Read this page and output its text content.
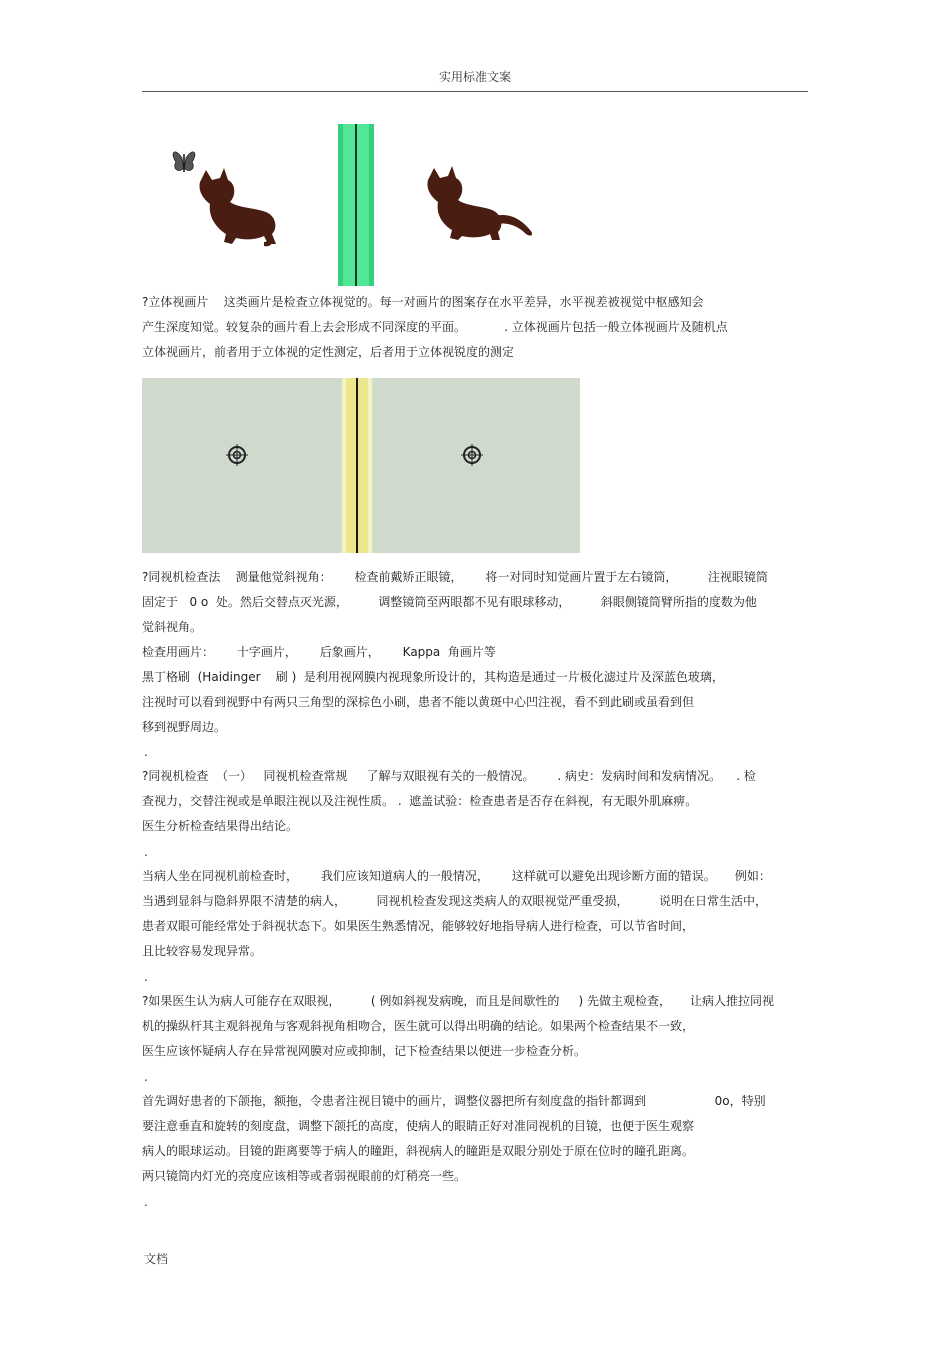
实用标准文案
?立体视画片    这类画片是检查立体视觉的。每一对画片的图案存在水平差异，水平视差被视觉中枢感知会
产生深度知觉。较复杂的画片看上去会形成不同深度的平面。          . 立体视画片包括一般立体视画片及随机点
立体视画片，前者用于立体视的定性测定，后者用于立体视锐度的测定
?同视机检查法    测量他觉斜视角：      检查前戴矫正眼镜，      将一对同时知觉画片置于左右镜筒，        注视眼镜筒
固定于   0 o  处。然后交替点灭光源，        调整镜筒至两眼都不见有眼球移动，        斜眼侧镜筒臂所指的度数为他
觉斜视角。
检查用画片：      十字画片，      后象画片，      Kappa  角画片等
黑丁格刷  (Haidinger    刷 )  是利用视网膜内视现象所设计的，其构造是通过一片极化滤过片及深蓝色玻璃，
注视时可以看到视野中有两只三角型的深棕色小刷，患者不能以黄斑中心凹注视，看不到此刷或虽看到但
移到视野周边。
.
?同视机检查  （一）   同视机检查常规     了解与双眼视有关的一般情况。      . 病史：发病时间和发病情况。    . 检
查视力，交替注视或是单眼注视以及注视性质。 .  遮盖试验：检查患者是否存在斜视，有无眼外肌麻痹。
医生分析检查结果得出结论。
.
当病人坐在同视机前检查时，      我们应该知道病人的一般情况，      这样就可以避免出现诊断方面的错误。     例如：
当遇到显斜与隐斜界限不清楚的病人，        同视机检查发现这类病人的双眼视觉严重受损，        说明在日常生活中，
患者双眼可能经常处于斜视状态下。如果医生熟悉情况，能够较好地指导病人进行检查，可以节省时间，
且比较容易发现异常。
.
?如果医生认为病人可能存在双眼视，        ( 例如斜视发病晚，而且是间歇性的     ) 先做主观检查，     让病人推拉同视
机的操纵杆其主观斜视角与客观斜视角相吻合，医生就可以得出明确的结论。如果两个检查结果不一致，
医生应该怀疑病人存在异常视网膜对应或抑制，记下检查结果以便进一步检查分析。
.
首先调好患者的下颌拖，额拖，令患者注视目镜中的画片，调整仪器把所有刻度盘的指针都调到                  0o，特别
要注意垂直和旋转的刻度盘，调整下颌托的高度，使病人的眼睛正好对准同视机的目镜，也便于医生观察
病人的眼球运动。目镜的距离要等于病人的瞳距，斜视病人的瞳距是双眼分别处于原在位时的瞳孔距离。
两只镜筒内灯光的亮度应该相等或者弱视眼前的灯稍亮一些。
.
文档
